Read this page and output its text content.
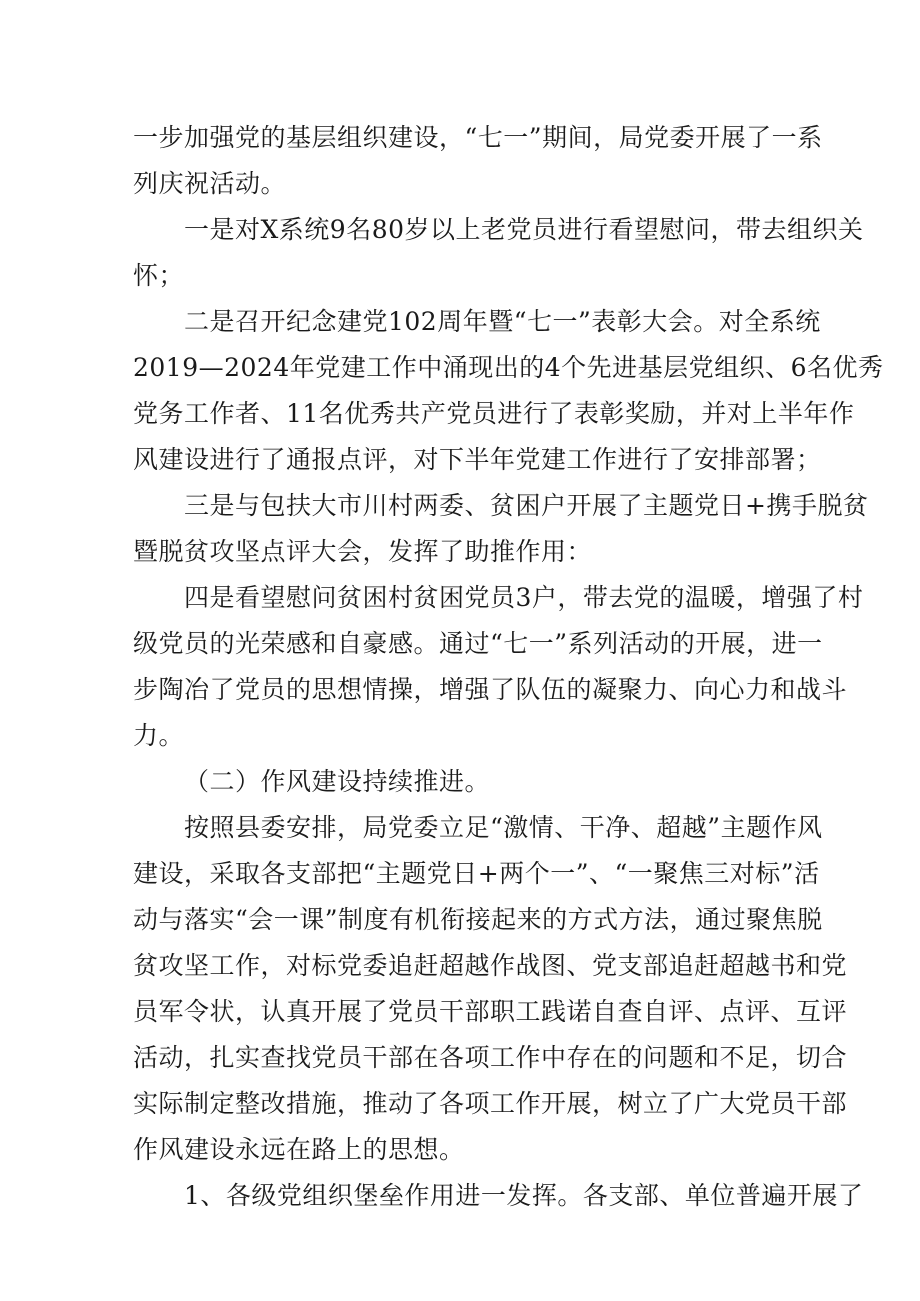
一步加强党的基层组织建设，“七一”期间，局党委开展了一系
列庆祝活动。
一是对X系统9名80岁以上老党员进行看望慰问，带去组织关
怀；
二是召开纪念建党102周年暨“七一”表彰大会。对全系统
2019—2024年党建工作中涌现出的4个先进基层党组织、6名优秀
党务工作者、11名优秀共产党员进行了表彰奖励，并对上半年作
风建设进行了通报点评，对下半年党建工作进行了安排部署；
三是与包扶大市川村两委、贫困户开展了主题党日+携手脱贫
暨脱贫攻坚点评大会，发挥了助推作用：
四是看望慰问贫困村贫困党员3户，带去党的温暖，增强了村
级党员的光荣感和自豪感。通过“七一”系列活动的开展，进一
步陶冶了党员的思想情操，增强了队伍的凝聚力、向心力和战斗
力。
（二）作风建设持续推进。
按照县委安排，局党委立足“激情、干净、超越”主题作风
建设，采取各支部把“主题党日+两个一”、“一聚焦三对标”活
动与落实“会一课”制度有机衔接起来的方式方法，通过聚焦脱
贫攻坚工作，对标党委追赶超越作战图、党支部追赶超越书和党
员军令状，认真开展了党员干部职工践诺自查自评、点评、互评
活动，扎实查找党员干部在各项工作中存在的问题和不足，切合
实际制定整改措施，推动了各项工作开展，树立了广大党员干部
作风建设永远在路上的思想。
1、各级党组织堡垒作用进一发挥。各支部、单位普遍开展了
